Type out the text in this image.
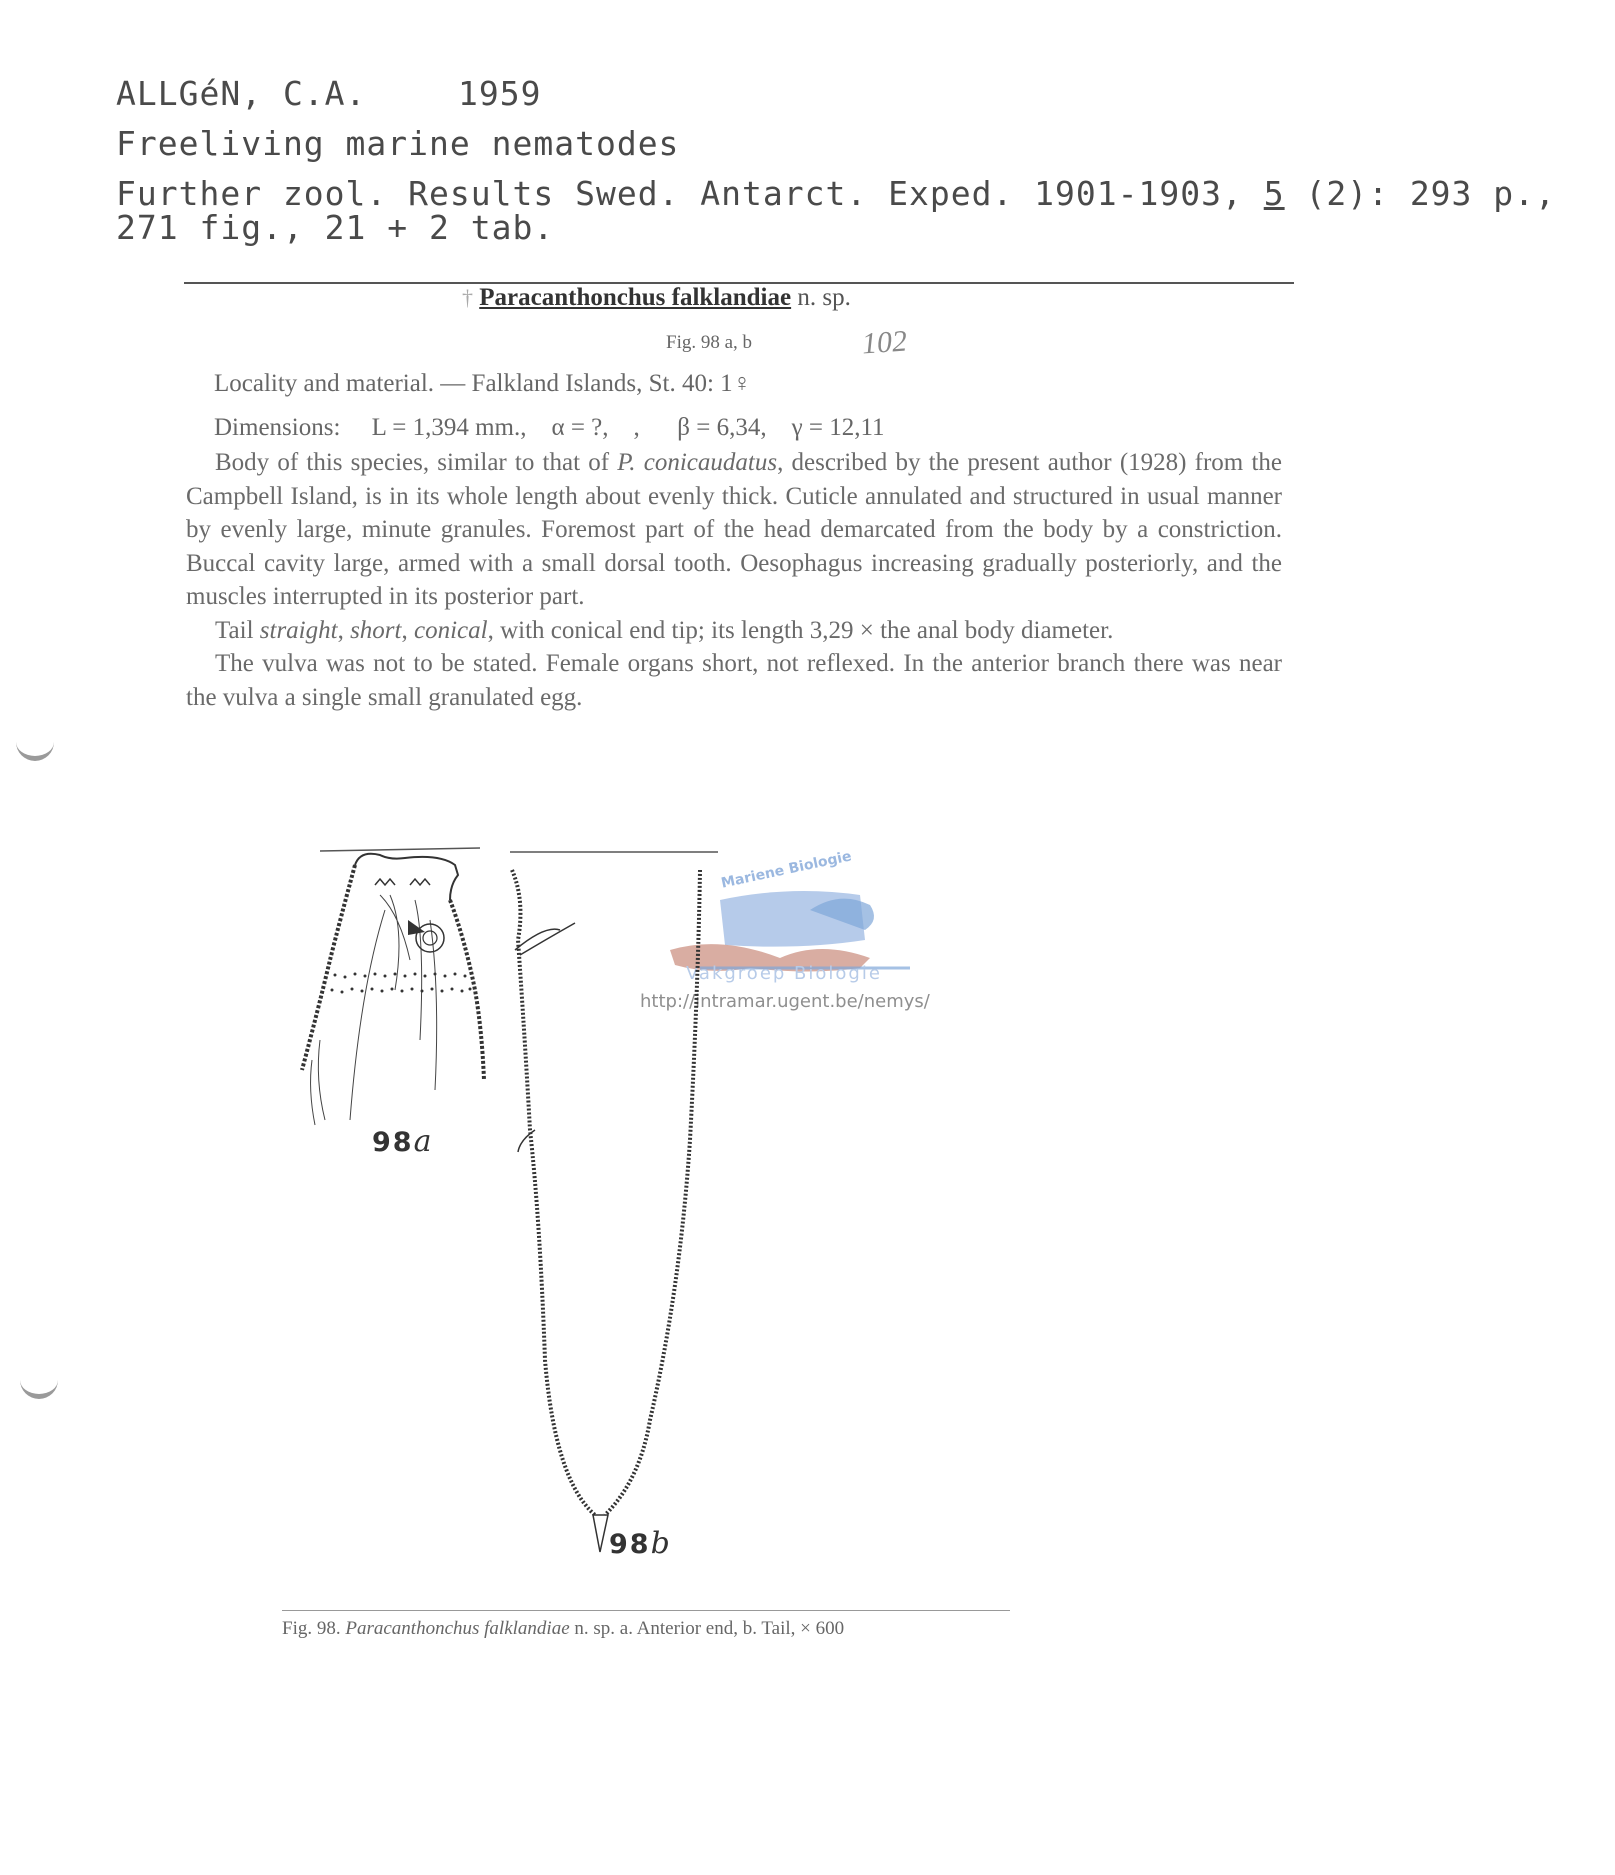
ALLGéN, C.A.	1959
Freeliving marine nematodes
Further zool. Results Swed. Antarct. Exped. 1901-1903, 5 (2): 293 p.,
271 fig., 21 + 2 tab.
† Paracanthonchus falklandiae n. sp.
Fig. 98 a, b	102
Locality and material. — Falkland Islands, St. 40: 1♀
Dimensions:     L = 1,394 mm.,    α = ?,    ,      β = 6,34,    γ = 12,11

Body of this species, similar to that of P. conicaudatus, described by the present author (1928) from the Campbell Island, is in its whole length about evenly thick. Cuticle annulated and structured in usual manner by evenly large, minute granules. Foremost part of the head demarcated from the body by a constriction. Buccal cavity large, armed with a small dorsal tooth. Oesophagus increasing gradually posteriorly, and the muscles interrupted in its posterior part.

Tail straight, short, conical, with conical end tip; its length 3,29 × the anal body diameter.

The vulva was not to be stated. Female organs short, not reflexed. In the anterior branch there was near the vulva a single small granulated egg.

Mariene Biologie
Vakgroep Biologie
http://intramar.ugent.be/nemys/
98a
98b
Fig. 98. Paracanthonchus falklandiae n. sp. a. Anterior end, b. Tail, × 600
